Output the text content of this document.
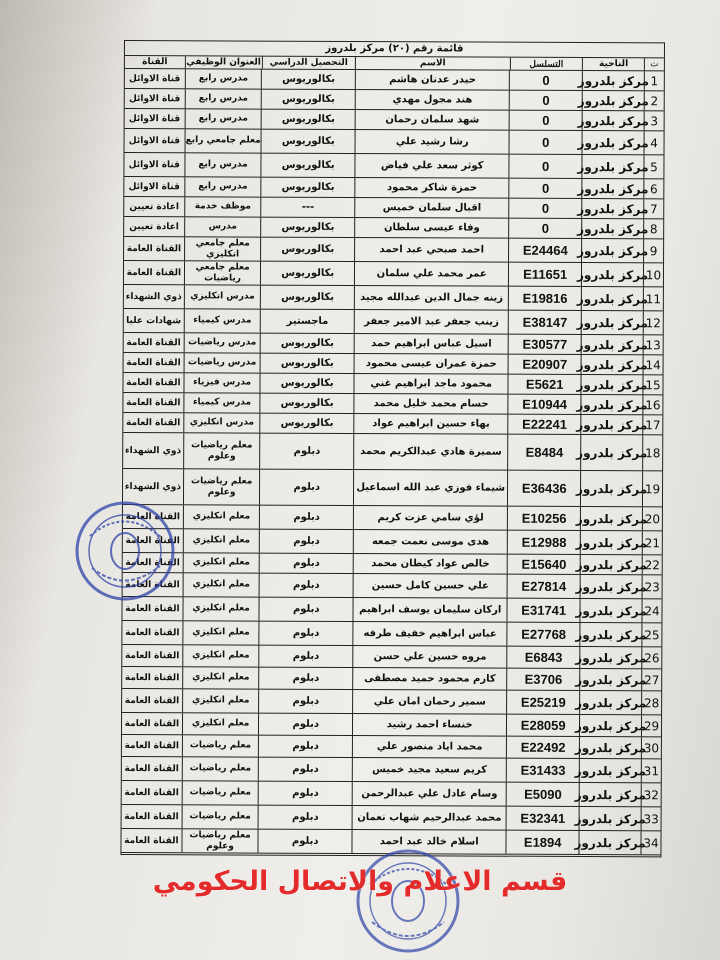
قائمة رقم (٢٠) مركز بلدروز
ت
الناحية
التسلسل
الاسم
التحصيل الدراسي
العنوان الوظيفي
القناة
1
مركز بلدروز
0
حيدر عدنان هاشم
بكالوريوس
مدرس رابع
قناة الاوائل
2
مركز بلدروز
0
هند مجول مهدي
بكالوريوس
مدرس رابع
قناة الاوائل
3
مركز بلدروز
0
شهد سلمان رحمان
بكالوريوس
مدرس رابع
قناة الاوائل
4
مركز بلدروز
0
رشا رشيد علي
بكالوريوس
معلم جامعي رابع
قناة الاوائل
5
مركز بلدروز
0
كوثر سعد علي فياض
بكالوريوس
مدرس رابع
قناة الاوائل
6
مركز بلدروز
0
حمزة شاكر محمود
بكالوريوس
مدرس رابع
قناة الاوائل
7
مركز بلدروز
0
اقبال سلمان خميس
---
موظف خدمة
اعادة تعيين
8
مركز بلدروز
0
وفاء عيسى سلطان
بكالوريوس
مدرس
اعادة تعيين
9
مركز بلدروز
E24464
احمد صبحي عبد احمد
بكالوريوس
معلم جامعي انكليزي
القناة العامة
10
مركز بلدروز
E11651
عمر محمد علي سلمان
بكالوريوس
معلم جامعي رياضيات
القناة العامة
11
مركز بلدروز
E19816
زينه جمال الدين عبدالله مجيد
بكالوريوس
مدرس انكليزي
ذوي الشهداء
12
مركز بلدروز
E38147
زينب جعفر عبد الامير جعفر
ماجستير
مدرس كيمياء
شهادات عليا
13
مركز بلدروز
E30577
اسيل عباس ابراهيم حمد
بكالوريوس
مدرس رياضيات
القناة العامة
14
مركز بلدروز
E20907
حمزة عمران عيسى محمود
بكالوريوس
مدرس رياضيات
القناة العامة
15
مركز بلدروز
E5621
محمود ماجد ابراهيم غني
بكالوريوس
مدرس فيزياء
القناة العامة
16
مركز بلدروز
E10944
حسام محمد خليل محمد
بكالوريوس
مدرس كيمياء
القناة العامة
17
مركز بلدروز
E22241
بهاء حسين ابراهيم عواد
بكالوريوس
مدرس انكليزي
القناة العامة
18
مركز بلدروز
E8484
سميرة هادي عبدالكريم محمد
دبلوم
معلم رياضيات وعلوم
ذوي الشهداء
19
مركز بلدروز
E36436
شيماء فوزي عبد الله اسماعيل
دبلوم
معلم رياضيات وعلوم
ذوي الشهداء
20
مركز بلدروز
E10256
لؤي سامي عزت كريم
دبلوم
معلم انكليزي
القناة العامة
21
مركز بلدروز
E12988
هدى موسى نعمت جمعه
دبلوم
معلم انكليزي
القناة العامة
22
مركز بلدروز
E15640
خالص عواد كيطان محمد
دبلوم
معلم انكليزي
القناة العامة
23
مركز بلدروز
E27814
علي حسين كامل حسين
دبلوم
معلم انكليزي
القناة العامة
24
مركز بلدروز
E31741
اركان سليمان يوسف ابراهيم
دبلوم
معلم انكليزي
القناة العامة
25
مركز بلدروز
E27768
عباس ابراهيم خفيف طرفه
دبلوم
معلم انكليزي
القناة العامة
26
مركز بلدروز
E6843
مروه حسين علي حسن
دبلوم
معلم انكليزي
القناة العامة
27
مركز بلدروز
E3706
كارم محمود حميد مصطفى
دبلوم
معلم انكليزي
القناة العامة
28
مركز بلدروز
E25219
سمير رحمان امان علي
دبلوم
معلم انكليزي
القناة العامة
29
مركز بلدروز
E28059
خنساء احمد رشيد
دبلوم
معلم انكليزي
القناة العامة
30
مركز بلدروز
E22492
محمد اياد منصور علي
دبلوم
معلم رياضيات
القناة العامة
31
مركز بلدروز
E31433
كريم سعيد مجيد خميس
دبلوم
معلم رياضيات
القناة العامة
32
مركز بلدروز
E5090
وسام عادل علي عبدالرحمن
دبلوم
معلم رياضيات
القناة العامة
33
مركز بلدروز
E32341
محمد عبدالرحيم شهاب نعمان
دبلوم
معلم رياضيات
القناة العامة
34
مركز بلدروز
E1894
اسلام خالد عبد احمد
دبلوم
معلم رياضيات وعلوم
القناة العامة
قسم الاعلام والاتصال الحكومي
